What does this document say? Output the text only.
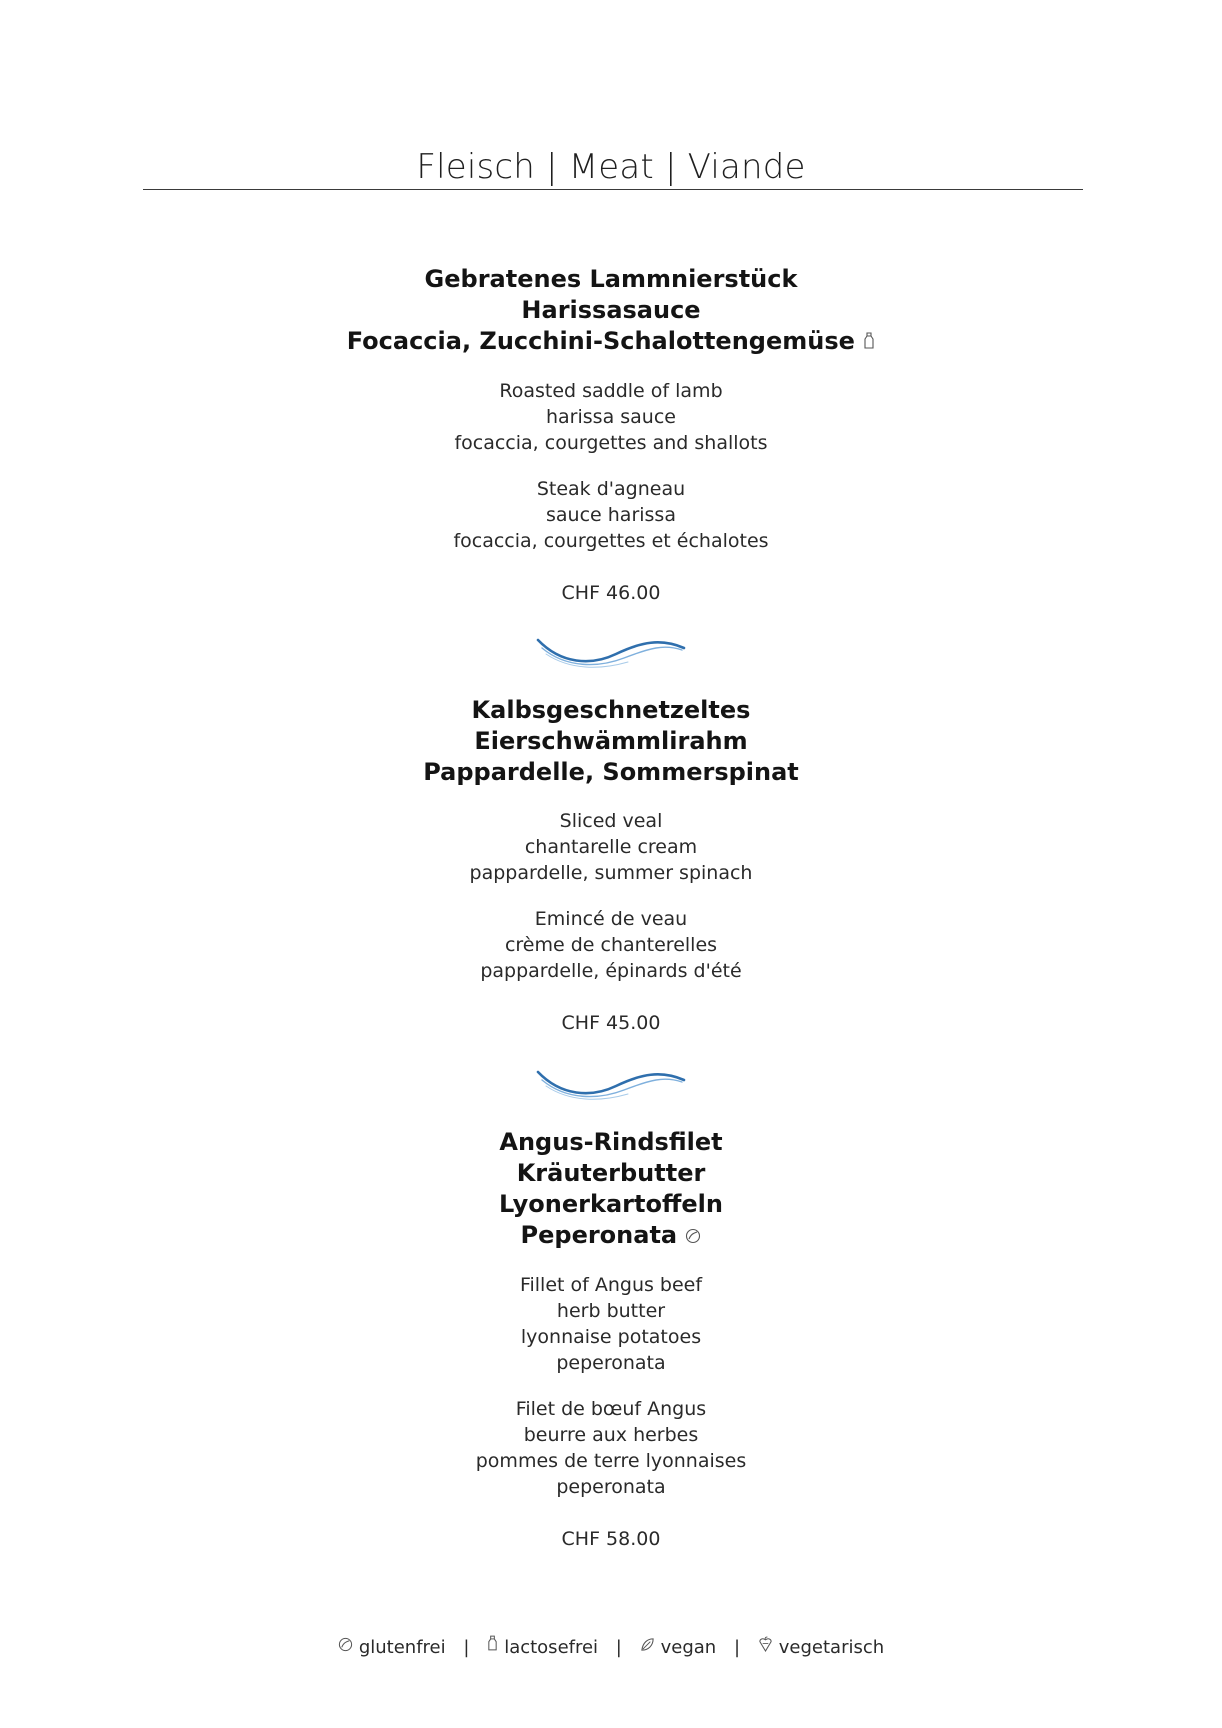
Fleisch | Meat | Viande
Gebratenes Lammnierstück
Harissasauce
Focaccia, Zucchini-Schalottengemüse
Roasted saddle of lamb
harissa sauce
focaccia, courgettes and shallots
Steak d'agneau
sauce harissa
focaccia, courgettes et échalotes
CHF 46.00
Kalbsgeschnetzeltes
Eierschwämmlirahm
Pappardelle, Sommerspinat
Sliced veal
chantarelle cream
pappardelle, summer spinach
Emincé de veau
crème de chanterelles
pappardelle, épinards d'été
CHF 45.00
Angus-Rindsfilet
Kräuterbutter
Lyonerkartoffeln
Peperonata
Fillet of Angus beef
herb butter
lyonnaise potatoes
peperonata
Filet de bœuf Angus
beurre aux herbes
pommes de terre lyonnaises
peperonata
CHF 58.00
glutenfrei | lactosefrei | vegan | vegetarisch
